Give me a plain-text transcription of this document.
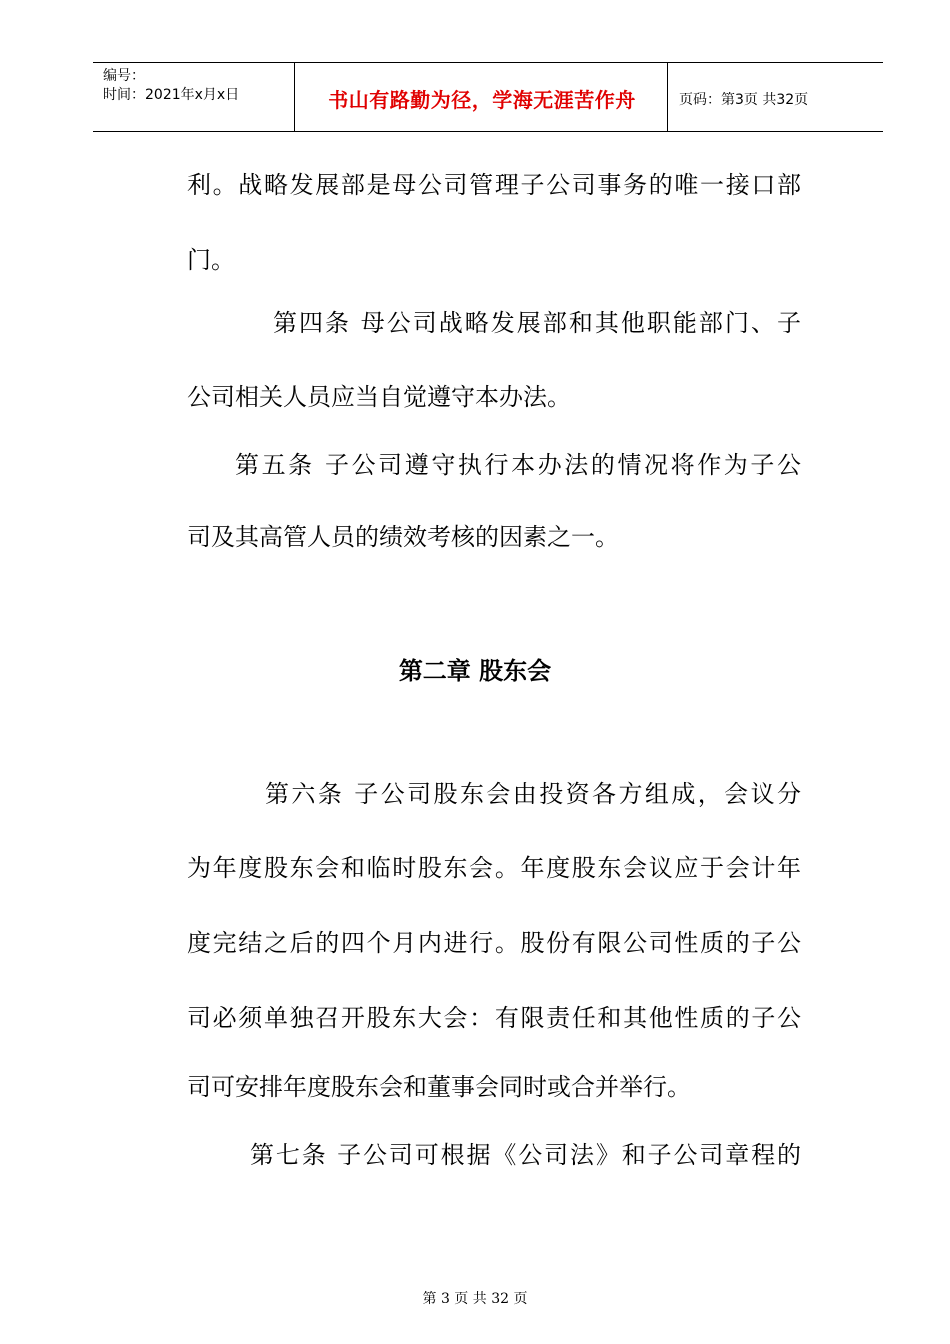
编号：
时间：2021年x月x日	书山有路勤为径，学海无涯苦作舟	页码：第3页 共32页
利。战略发展部是母公司管理子公司事务的唯一接口部
门。
第四条 母公司战略发展部和其他职能部门、子
公司相关人员应当自觉遵守本办法。
第五条 子公司遵守执行本办法的情况将作为子公
司及其高管人员的绩效考核的因素之一。
第二章 股东会
第六条 子公司股东会由投资各方组成，会议分
为年度股东会和临时股东会。年度股东会议应于会计年
度完结之后的四个月内进行。股份有限公司性质的子公
司必须单独召开股东大会：有限责任和其他性质的子公
司可安排年度股东会和董事会同时或合并举行。
第七条 子公司可根据《公司法》和子公司章程的
第 3 页 共 32 页
